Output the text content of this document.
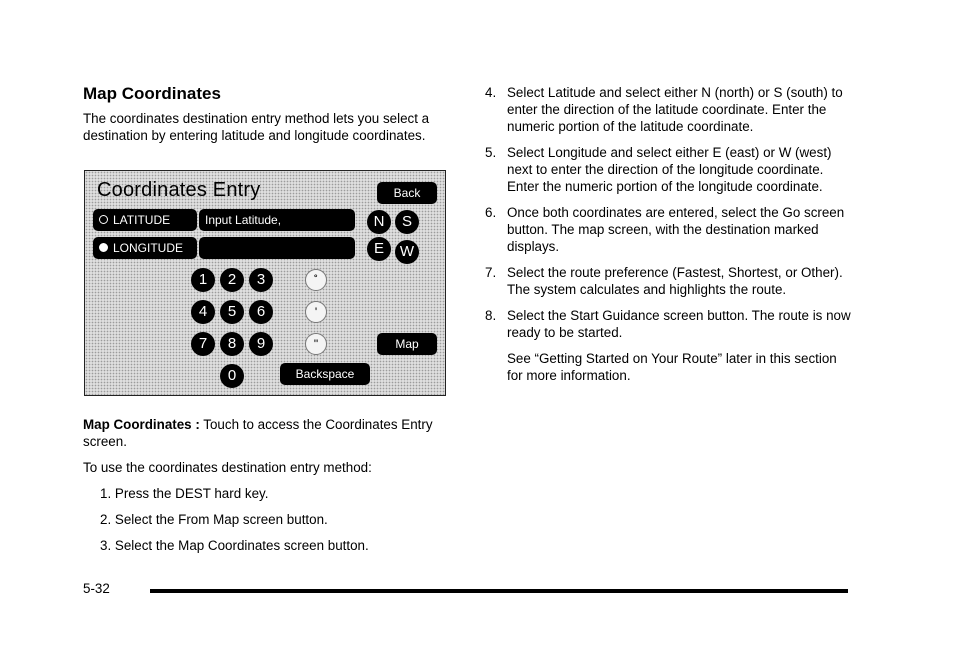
Map Coordinates

The coordinates destination entry method lets you select a destination by entering latitude and longitude coordinates.

Coordinates Entry	Back
LATITUDE	Input Latitude,
LONGITUDE
N	S
E	W
1	2	3
4	5	6
7	8	9
0
˚
'
"	Map
Backspace

Map Coordinates : Touch to access the Coordinates Entry screen.

To use the coordinates destination entry method:

1. Press the DEST hard key.

2. Select the From Map screen button.

3. Select the Map Coordinates screen button.

4. Select Latitude and select either N (north) or S (south) to enter the direction of the latitude coordinate. Enter the numeric portion of the latitude coordinate.
5. Select Longitude and select either E (east) or W (west) next to enter the direction of the longitude coordinate. Enter the numeric portion of the longitude coordinate.
6. Once both coordinates are entered, select the Go screen button. The map screen, with the destination marked displays.
7. Select the route preference (Fastest, Shortest, or Other). The system calculates and highlights the route.
8. Select the Start Guidance screen button. The route is now ready to be started.

See “Getting Started on Your Route” later in this section for more information.

5-32
